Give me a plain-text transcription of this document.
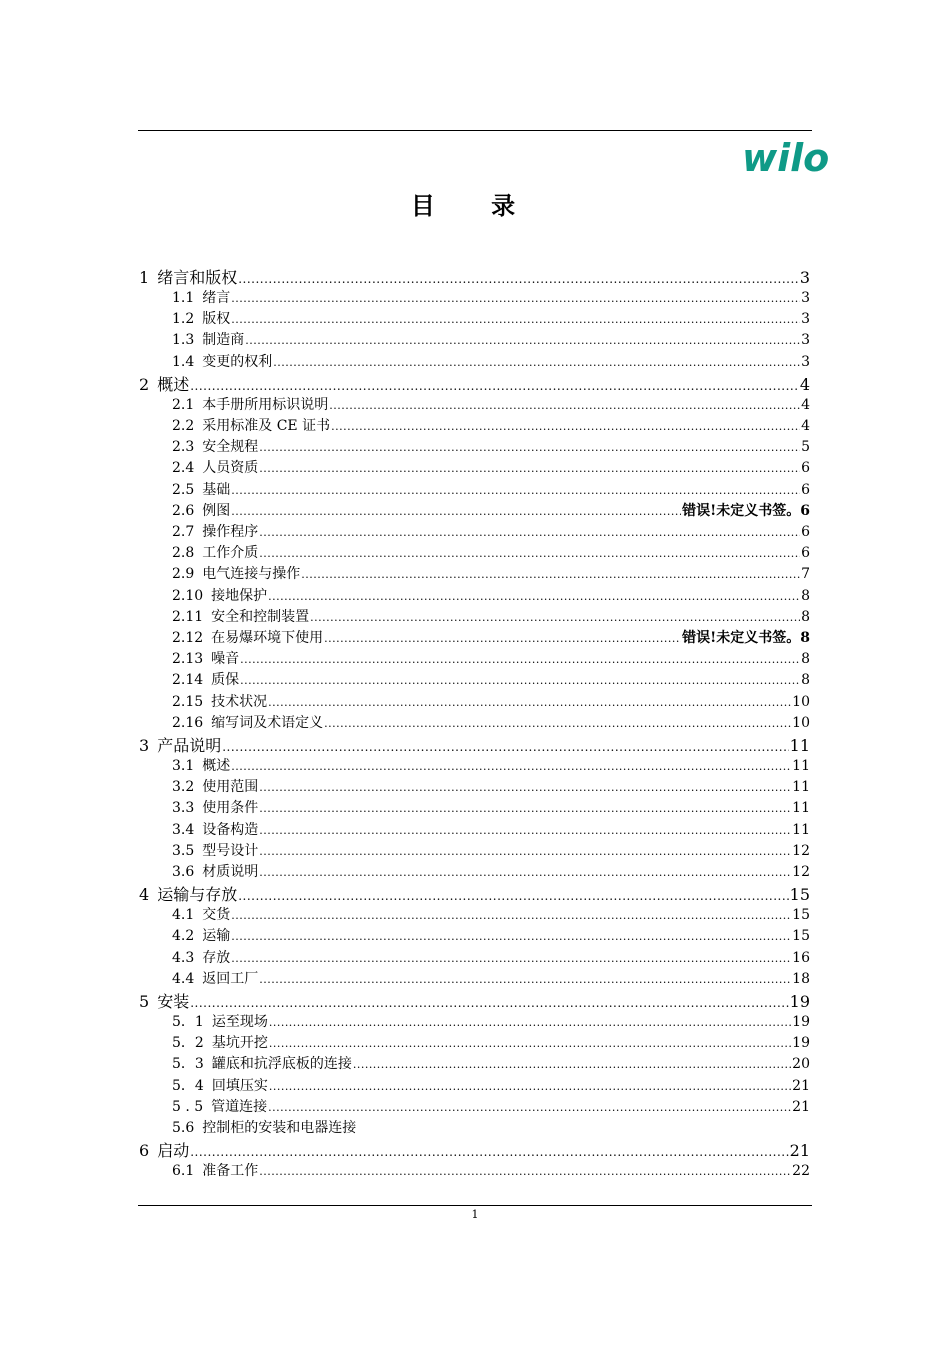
wilo
目 录
1 绪言和版权 .....	3
1.1 绪言 .....	3
1.2 版权 .....	3
1.3 制造商 .....	3
1.4 变更的权利 .....	3
2 概述 .....	4
2.1 本手册所用标识说明 .....	4
2.2 采用标准及 CE 证书 .....	4
2.3 安全规程 .....	5
2.4 人员资质 .....	6
2.5 基础 .....	6
2.6 例图 .....	错误!未定义书签。6
2.7 操作程序 .....	6
2.8 工作介质 .....	6
2.9 电气连接与操作 .....	7
2.10 接地保护 .....	8
2.11 安全和控制装置 .....	8
2.12 在易爆环境下使用 .....	错误!未定义书签。8
2.13 噪音 .....	8
2.14 质保 .....	8
2.15 技术状况 .....	10
2.16 缩写词及术语定义 .....	10
3 产品说明 .....	11
3.1 概述 .....	11
3.2 使用范围 .....	11
3.3 使用条件 .....	11
3.4 设备构造 .....	11
3.5 型号设计 .....	12
3.6 材质说明 .....	12
4 运输与存放 .....	15
4.1 交货 .....	15
4.2 运输 .....	15
4.3 存放 .....	16
4.4 返回工厂 .....	18
5 安装 .....	19
5．1 运至现场 .....	19
5．2 基坑开挖 .....	19
5．3 罐底和抗浮底板的连接 .....	20
5．4 回填压实 .....	21
5 . 5 管道连接 .....	21
5.6 控制柜的安装和电器连接
6 启动 .....	21
6.1 准备工作 .....	22
1
